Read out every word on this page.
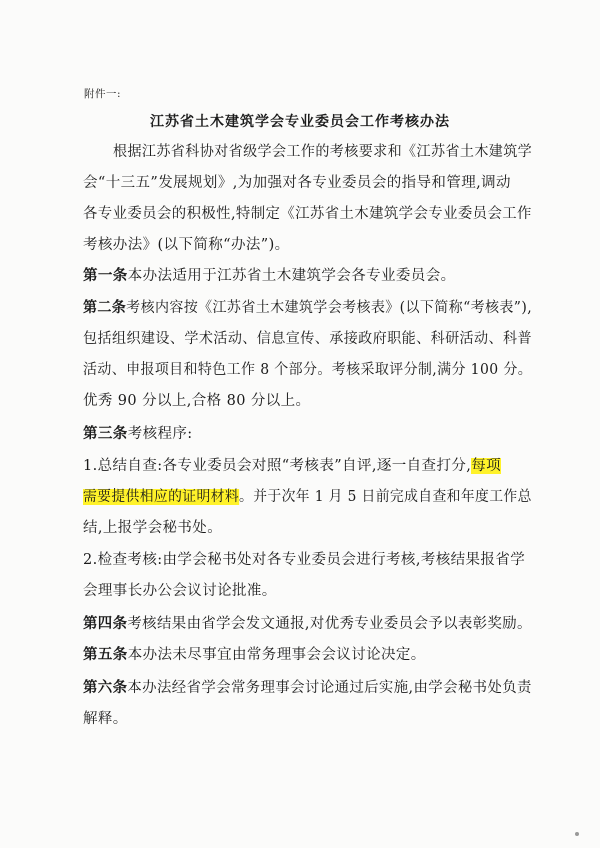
附件一:
江苏省土木建筑学会专业委员会工作考核办法
根据江苏省科协对省级学会工作的考核要求和《江苏省土木建筑学
会“十三五”发展规划》,为加强对各专业委员会的指导和管理,调动
各专业委员会的积极性,特制定《江苏省土木建筑学会专业委员会工作
考核办法》(以下简称“办法”)。
第一条本办法适用于江苏省土木建筑学会各专业委员会。
第二条考核内容按《江苏省土木建筑学会考核表》(以下简称“考核表”),
包括组织建设、学术活动、信息宣传、承接政府职能、科研活动、科普
活动、申报项目和特色工作 8 个部分。考核采取评分制,满分 100 分。
优秀 90 分以上,合格 80 分以上。
第三条考核程序:
1.总结自查:各专业委员会对照“考核表”自评,逐一自查打分,每项
需要提供相应的证明材料。并于次年 1 月 5 日前完成自查和年度工作总
结,上报学会秘书处。
2.检查考核:由学会秘书处对各专业委员会进行考核,考核结果报省学
会理事长办公会议讨论批准。
第四条考核结果由省学会发文通报,对优秀专业委员会予以表彰奖励。
第五条本办法未尽事宜由常务理事会会议讨论决定。
第六条本办法经省学会常务理事会讨论通过后实施,由学会秘书处负责
解释。
